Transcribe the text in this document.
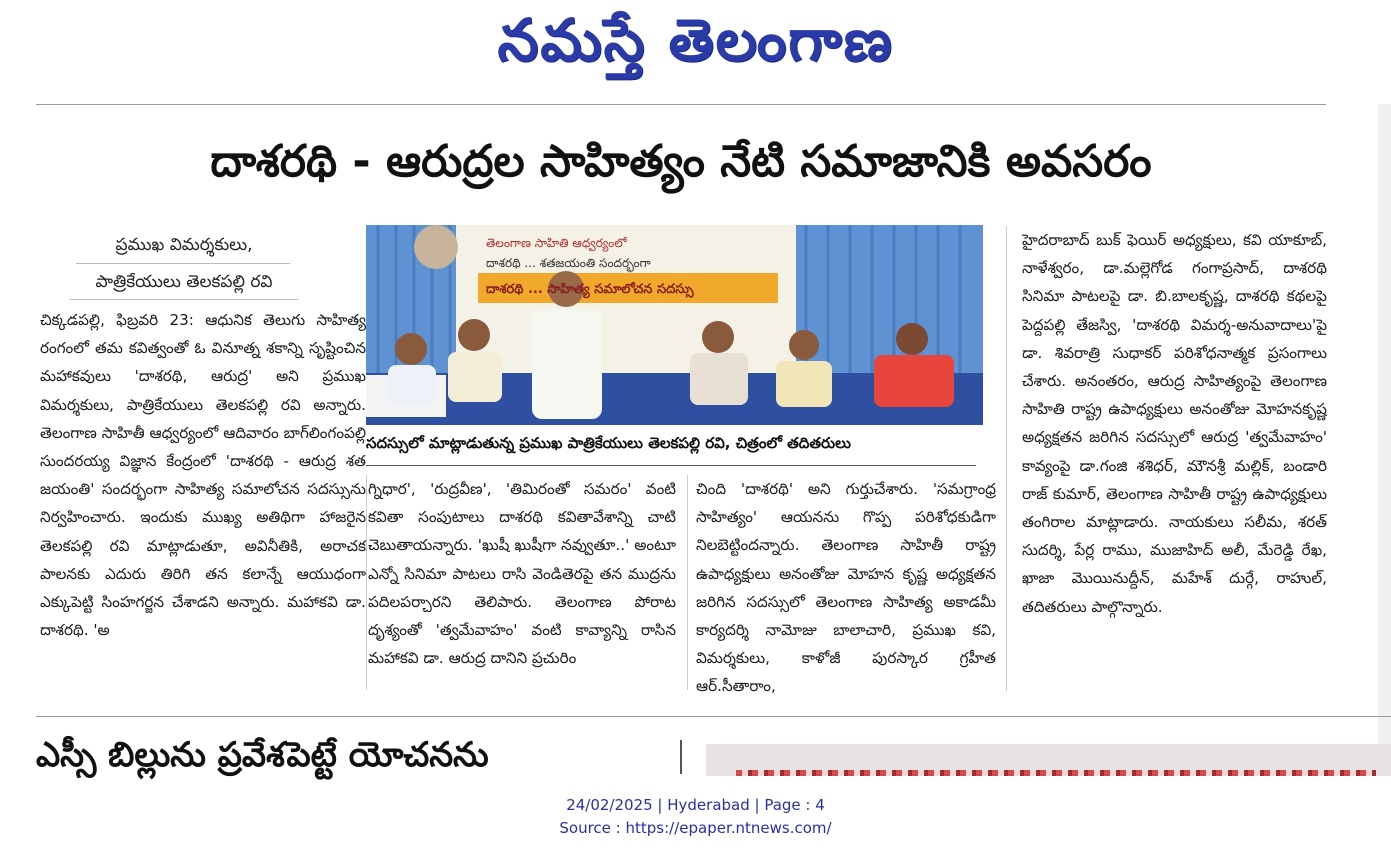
నమస్తే తెలంగాణ
దాశరథి - ఆరుద్రల సాహిత్యం నేటి సమాజానికి అవసరం
ప్రముఖ విమర్శకులు,
పాత్రికేయులు తెలకపల్లి రవి
తెలంగాణ సాహితి ఆధ్వర్యంలో
దాశరథి ... శతజయంతి సందర్భంగా
దాశరథి ... సాహిత్య సమాలోచన సదస్సు
సదస్సులో మాట్లాడుతున్న ప్రముఖ పాత్రికేయులు తెలకపల్లి రవి, చిత్రంలో తదితరులు
చిక్కడపల్లి, ఫిబ్రవరి 23: ఆధునిక తెలుగు సాహిత్య రంగంలో తమ కవిత్వంతో ఓ వినూత్న శకాన్ని సృష్టించిన మహాకవులు 'దాశరథి, ఆరుద్ర' అని ప్రముఖ విమర్శకులు, పాత్రికేయులు తెలకపల్లి రవి అన్నారు. తెలంగాణ సాహితీ ఆధ్వర్యంలో ఆదివారం బాగ్‌లింగంపల్లి సుందరయ్య విజ్ఞాన కేంద్రంలో 'దాశరథి - ఆరుద్ర శత జయంతి' సందర్భంగా సాహిత్య సమాలోచన సదస్సును నిర్వహించారు. ఇందుకు ముఖ్య అతిథిగా హాజరైన తెలకపల్లి రవి మాట్లాడుతూ, అవినీతికి, అరాచక పాలనకు ఎదురు తిరిగి తన కలాన్నే ఆయుధంగా ఎక్కుపెట్టి సింహగర్జన చేశాడని అన్నారు. మహాకవి డా. దాశరథి. 'అ
గ్నిధార', 'రుద్రవీణ', 'తిమిరంతో సమరం' వంటి కవితా సంపుటాలు దాశరథి కవితావేశాన్ని చాటి చెబుతాయన్నారు. 'ఖుషీ ఖుషీగా నవ్వుతూ..' అంటూ ఎన్నో సినిమా పాటలు రాసి వెండితెరపై తన ముద్రను పదిలపర్చారని తెలిపారు. తెలంగాణ పోరాట దృశ్యంతో 'త్వమేవాహం' వంటి కావ్యాన్ని రాసిన మహాకవి డా. ఆరుద్ర దానిని ప్రచురిం
చింది 'దాశరథి' అని గుర్తుచేశారు. 'సమగ్రాంధ్ర సాహిత్యం' ఆయనను గొప్ప పరిశోధకుడిగా నిలబెట్టిందన్నారు. తెలంగాణ సాహితీ రాష్ట్ర ఉపాధ్యక్షులు అనంతోజు మోహన కృష్ణ అధ్యక్షతన జరిగిన సదస్సులో తెలంగాణ సాహిత్య అకాడమీ కార్యదర్శి నామోజు బాలాచారి, ప్రముఖ కవి, విమర్శకులు, కాళోజీ పురస్కార గ్రహీత ఆర్.సీతారాం,
హైదరాబాద్ బుక్ ఫెయిర్ అధ్యక్షులు, కవి యాకూబ్, నాళేశ్వరం, డా.మల్లెగోడ గంగాప్రసాద్, దాశరథి సినిమా పాటలపై డా. బి.బాలకృష్ణ, దాశరథి కథలపై పెద్దపల్లి తేజస్వి, 'దాశరథి విమర్శ-అనువాదాలు'పై డా. శివరాత్రి సుధాకర్ పరిశోధనాత్మక ప్రసంగాలు చేశారు. అనంతరం, ఆరుద్ర సాహిత్యంపై తెలంగాణ సాహితి రాష్ట్ర ఉపాధ్యక్షులు అనంతోజు మోహనకృష్ణ అధ్యక్షతన జరిగిన సదస్సులో ఆరుద్ర 'త్వమేవాహం' కావ్యంపై డా.గంజి శశిధర్, మౌనశ్రీ మల్లిక్, బండారి రాజ్ కుమార్, తెలంగాణ సాహితీ రాష్ట్ర ఉపాధ్యక్షులు తంగిరాల మాట్లాడారు. నాయకులు సలీమ, శరత్ సుదర్శి, పేర్ల రాము, ముజాహిద్ అలీ, మేరెడ్డి రేఖ, ఖాజా మొయినుద్దీన్, మహేశ్ దుర్గే, రాహుల్, తదితరులు పాల్గొన్నారు.
ఎస్సీ బిల్లును ప్రవేశపెట్టే యోచనను
24/02/2025 | Hyderabad | Page : 4
Source : https://epaper.ntnews.com/
